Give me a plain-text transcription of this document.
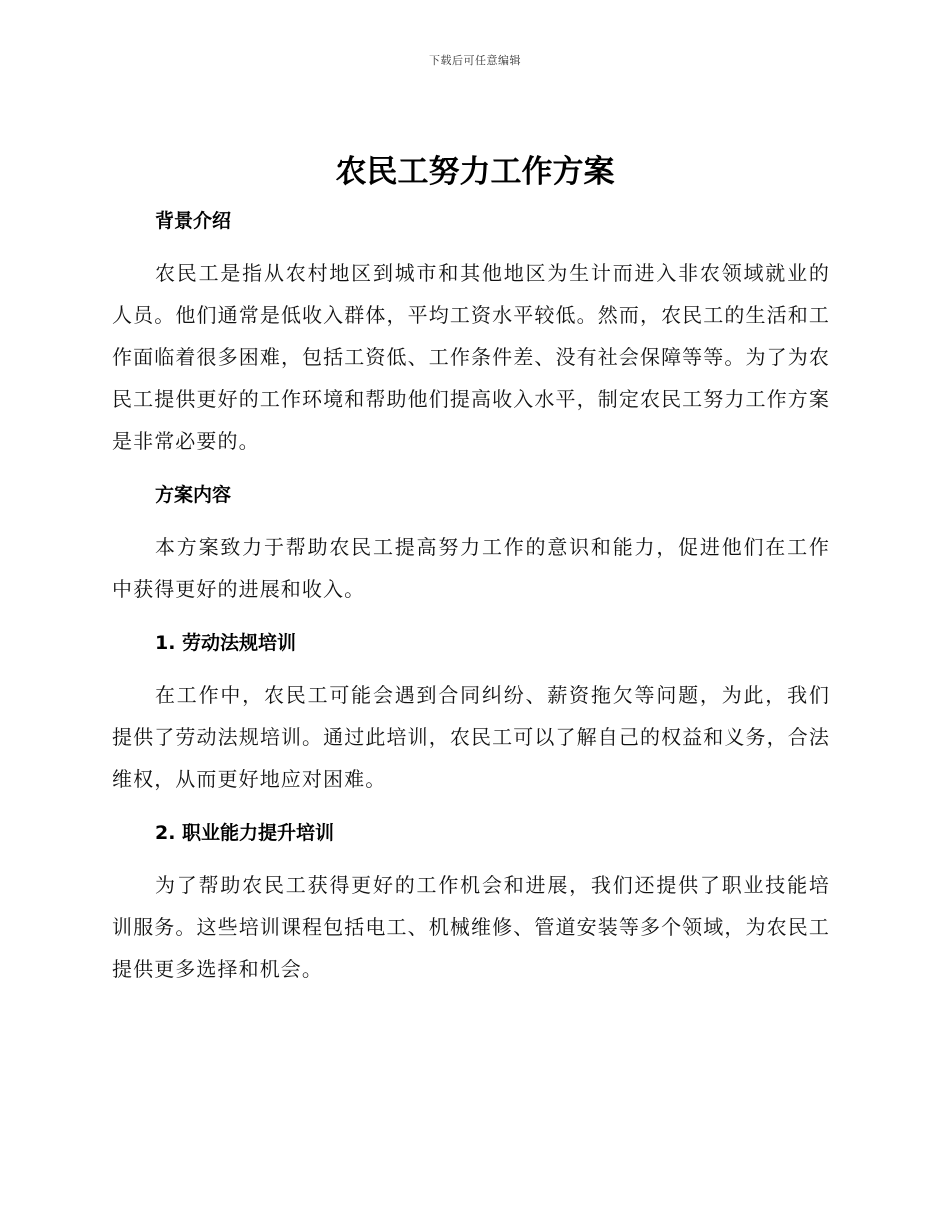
下载后可任意编辑
农民工努力工作方案
背景介绍

农民工是指从农村地区到城市和其他地区为生计而进入非农领域就业的人员。他们通常是低收入群体，平均工资水平较低。然而，农民工的生活和工作面临着很多困难，包括工资低、工作条件差、没有社会保障等等。为了为农民工提供更好的工作环境和帮助他们提高收入水平，制定农民工努力工作方案是非常必要的。

方案内容

本方案致力于帮助农民工提高努力工作的意识和能力，促进他们在工作中获得更好的进展和收入。

1. 劳动法规培训

在工作中，农民工可能会遇到合同纠纷、薪资拖欠等问题，为此，我们提供了劳动法规培训。通过此培训，农民工可以了解自己的权益和义务，合法维权，从而更好地应对困难。

2. 职业能力提升培训

为了帮助农民工获得更好的工作机会和进展，我们还提供了职业技能培训服务。这些培训课程包括电工、机械维修、管道安装等多个领域，为农民工提供更多选择和机会。
